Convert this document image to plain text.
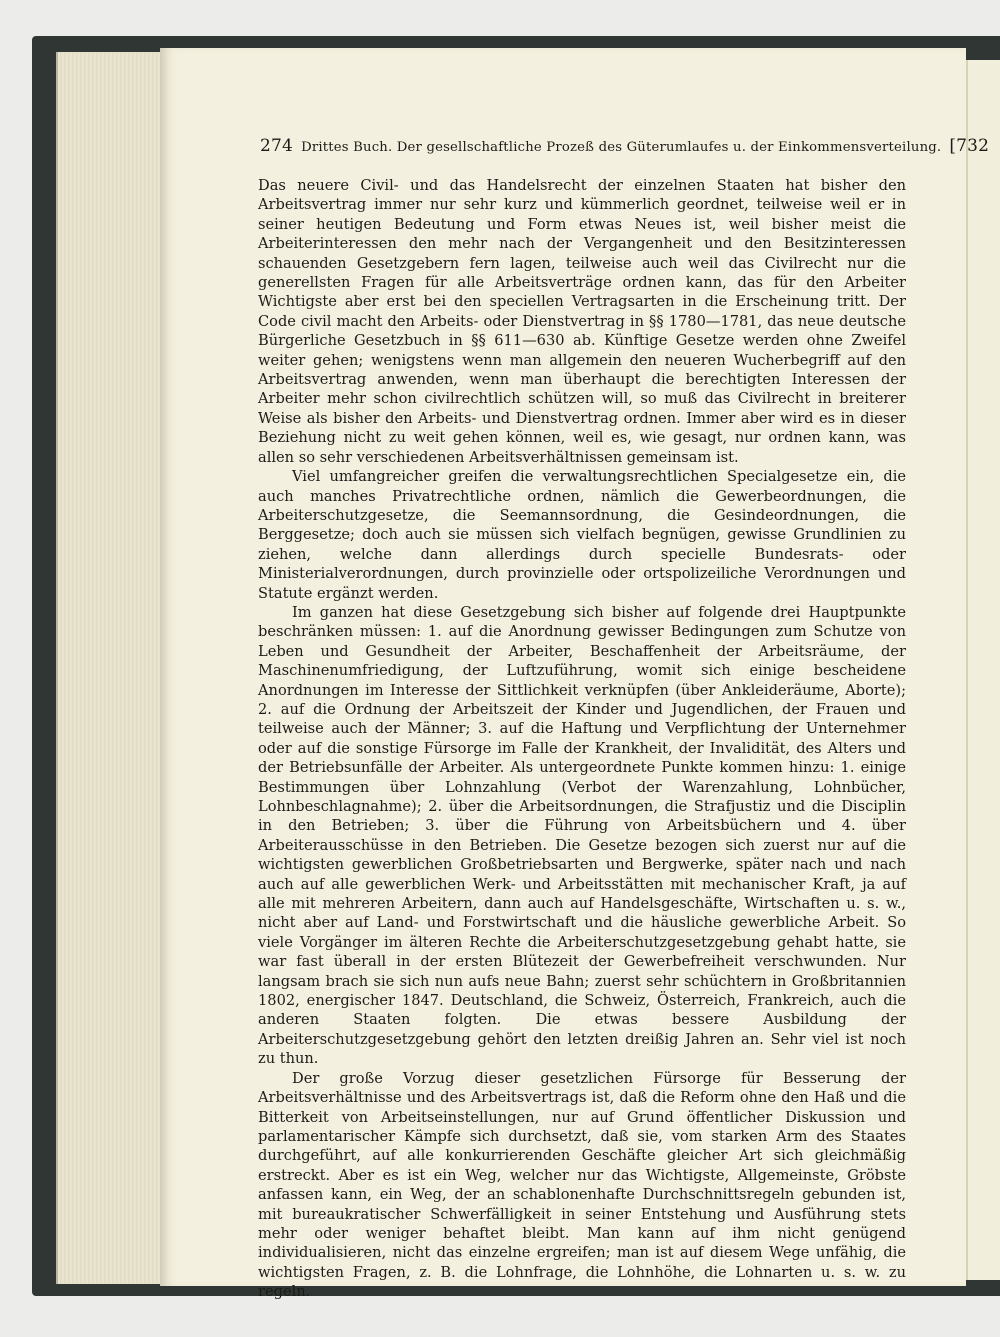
274 Drittes Buch. Der gesellschaftliche Prozeß des Güterumlaufes u. der Einkommensverteilung. [732

Das neuere Civil- und das Handelsrecht der einzelnen Staaten hat bisher den Arbeitsvertrag immer nur sehr kurz und kümmerlich geordnet, teilweise weil er in seiner heutigen Bedeutung und Form etwas Neues ist, weil bisher meist die Arbeiterinteressen den mehr nach der Vergangenheit und den Besitzinteressen schauenden Gesetzgebern fern lagen, teilweise auch weil das Civilrecht nur die generellsten Fragen für alle Arbeitsverträge ordnen kann, das für den Arbeiter Wichtigste aber erst bei den speciellen Vertragsarten in die Erscheinung tritt. Der Code civil macht den Arbeits- oder Dienstvertrag in §§ 1780—1781, das neue deutsche Bürgerliche Gesetzbuch in §§ 611—630 ab. Künftige Gesetze werden ohne Zweifel weiter gehen; wenigstens wenn man allgemein den neueren Wucherbegriff auf den Arbeitsvertrag anwenden, wenn man überhaupt die berechtigten Interessen der Arbeiter mehr schon civilrechtlich schützen will, so muß das Civilrecht in breiterer Weise als bisher den Arbeits- und Dienstvertrag ordnen. Immer aber wird es in dieser Beziehung nicht zu weit gehen können, weil es, wie gesagt, nur ordnen kann, was allen so sehr verschiedenen Arbeitsverhältnissen gemeinsam ist.

Viel umfangreicher greifen die verwaltungsrechtlichen Specialgesetze ein, die auch manches Privatrechtliche ordnen, nämlich die Gewerbeordnungen, die Arbeiterschutzgesetze, die Seemannsordnung, die Gesindeordnungen, die Berggesetze; doch auch sie müssen sich vielfach begnügen, gewisse Grundlinien zu ziehen, welche dann allerdings durch specielle Bundesrats- oder Ministerialverordnungen, durch provinzielle oder ortspolizeiliche Verordnungen und Statute ergänzt werden.

Im ganzen hat diese Gesetzgebung sich bisher auf folgende drei Hauptpunkte beschränken müssen: 1. auf die Anordnung gewisser Bedingungen zum Schutze von Leben und Gesundheit der Arbeiter, Beschaffenheit der Arbeitsräume, der Maschinenumfriedigung, der Luftzuführung, womit sich einige bescheidene Anordnungen im Interesse der Sittlichkeit verknüpfen (über Ankleideräume, Aborte); 2. auf die Ordnung der Arbeitszeit der Kinder und Jugendlichen, der Frauen und teilweise auch der Männer; 3. auf die Haftung und Verpflichtung der Unternehmer oder auf die sonstige Fürsorge im Falle der Krankheit, der Invalidität, des Alters und der Betriebsunfälle der Arbeiter. Als untergeordnete Punkte kommen hinzu: 1. einige Bestimmungen über Lohnzahlung (Verbot der Warenzahlung, Lohnbücher, Lohnbeschlagnahme); 2. über die Arbeitsordnungen, die Strafjustiz und die Disciplin in den Betrieben; 3. über die Führung von Arbeitsbüchern und 4. über Arbeiterausschüsse in den Betrieben. Die Gesetze bezogen sich zuerst nur auf die wichtigsten gewerblichen Großbetriebsarten und Bergwerke, später nach und nach auch auf alle gewerblichen Werk- und Arbeitsstätten mit mechanischer Kraft, ja auf alle mit mehreren Arbeitern, dann auch auf Handelsgeschäfte, Wirtschaften u. s. w., nicht aber auf Land- und Forstwirtschaft und die häusliche gewerbliche Arbeit. So viele Vorgänger im älteren Rechte die Arbeiterschutzgesetzgebung gehabt hatte, sie war fast überall in der ersten Blütezeit der Gewerbefreiheit verschwunden. Nur langsam brach sie sich nun aufs neue Bahn; zuerst sehr schüchtern in Großbritannien 1802, energischer 1847. Deutschland, die Schweiz, Österreich, Frankreich, auch die anderen Staaten folgten. Die etwas bessere Ausbildung der Arbeiterschutzgesetzgebung gehört den letzten dreißig Jahren an. Sehr viel ist noch zu thun.

Der große Vorzug dieser gesetzlichen Fürsorge für Besserung der Arbeitsverhältnisse und des Arbeitsvertrags ist, daß die Reform ohne den Haß und die Bitterkeit von Arbeitseinstellungen, nur auf Grund öffentlicher Diskussion und parlamentarischer Kämpfe sich durchsetzt, daß sie, vom starken Arm des Staates durchgeführt, auf alle konkurrierenden Geschäfte gleicher Art sich gleichmäßig erstreckt. Aber es ist ein Weg, welcher nur das Wichtigste, Allgemeinste, Gröbste anfassen kann, ein Weg, der an schablonenhafte Durchschnittsregeln gebunden ist, mit bureaukratischer Schwerfälligkeit in seiner Entstehung und Ausführung stets mehr oder weniger behaftet bleibt. Man kann auf ihm nicht genügend individualisieren, nicht das einzelne ergreifen; man ist auf diesem Wege unfähig, die wichtigsten Fragen, z. B. die Lohnfrage, die Lohnhöhe, die Lohnarten u. s. w. zu regeln.
